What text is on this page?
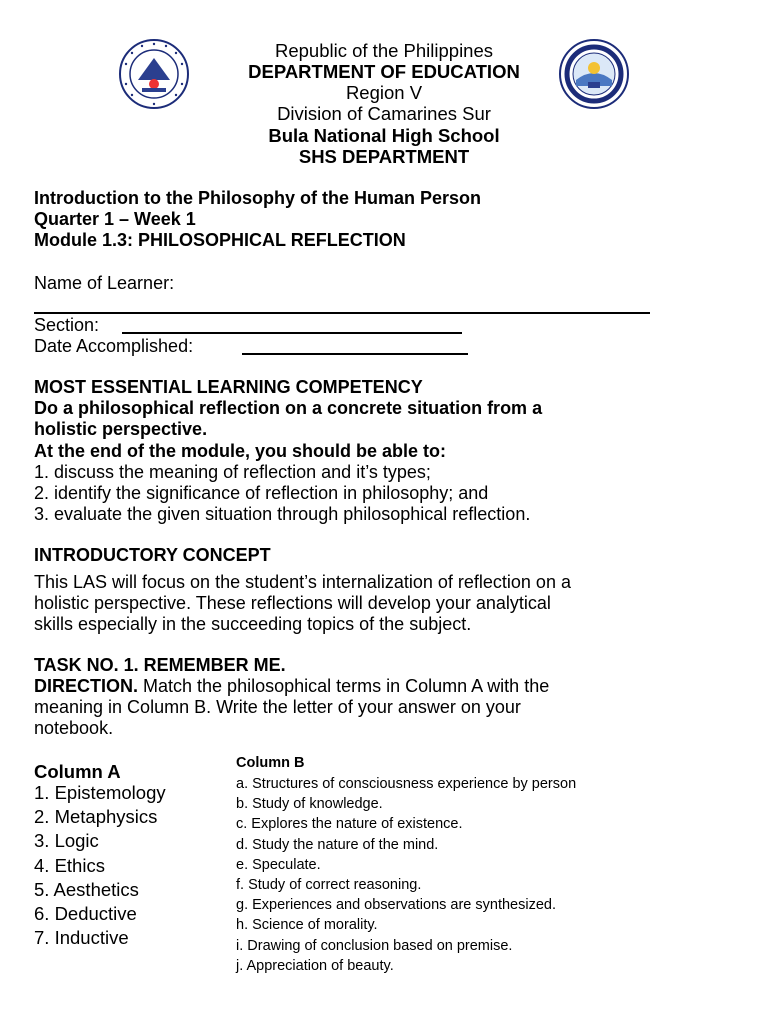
Republic of the Philippines
DEPARTMENT OF EDUCATION
Region V
Division of Camarines Sur
Bula National High School
SHS DEPARTMENT
Introduction to the Philosophy of the Human Person
Quarter 1 – Week 1
Module 1.3: PHILOSOPHICAL REFLECTION
Name of Learner:
Section:
Date Accomplished:
MOST ESSENTIAL LEARNING COMPETENCY
Do a philosophical reflection on a concrete situation from a
holistic perspective.
At the end of the module, you should be able to:
1. discuss the meaning of reflection and it’s types;
2. identify the significance of reflection in philosophy; and
3. evaluate the given situation through philosophical reflection.
INTRODUCTORY CONCEPT
This LAS will focus on the student’s internalization of reflection on a
holistic perspective. These reflections will develop your analytical
skills especially in the succeeding topics of the subject.
TASK NO. 1. REMEMBER ME.
DIRECTION. Match the philosophical terms in Column A with the
meaning in Column B. Write the letter of your answer on your
notebook.
Column A
1. Epistemology
2. Metaphysics
3. Logic
4. Ethics
5. Aesthetics
6. Deductive
7. Inductive
Column B
a. Structures of consciousness experience by person
b. Study of knowledge.
c. Explores the nature of existence.
d. Study the nature of the mind.
e. Speculate.
f. Study of correct reasoning.
g. Experiences and observations are synthesized.
h. Science of morality.
i. Drawing of conclusion based on premise.
j. Appreciation of beauty.
